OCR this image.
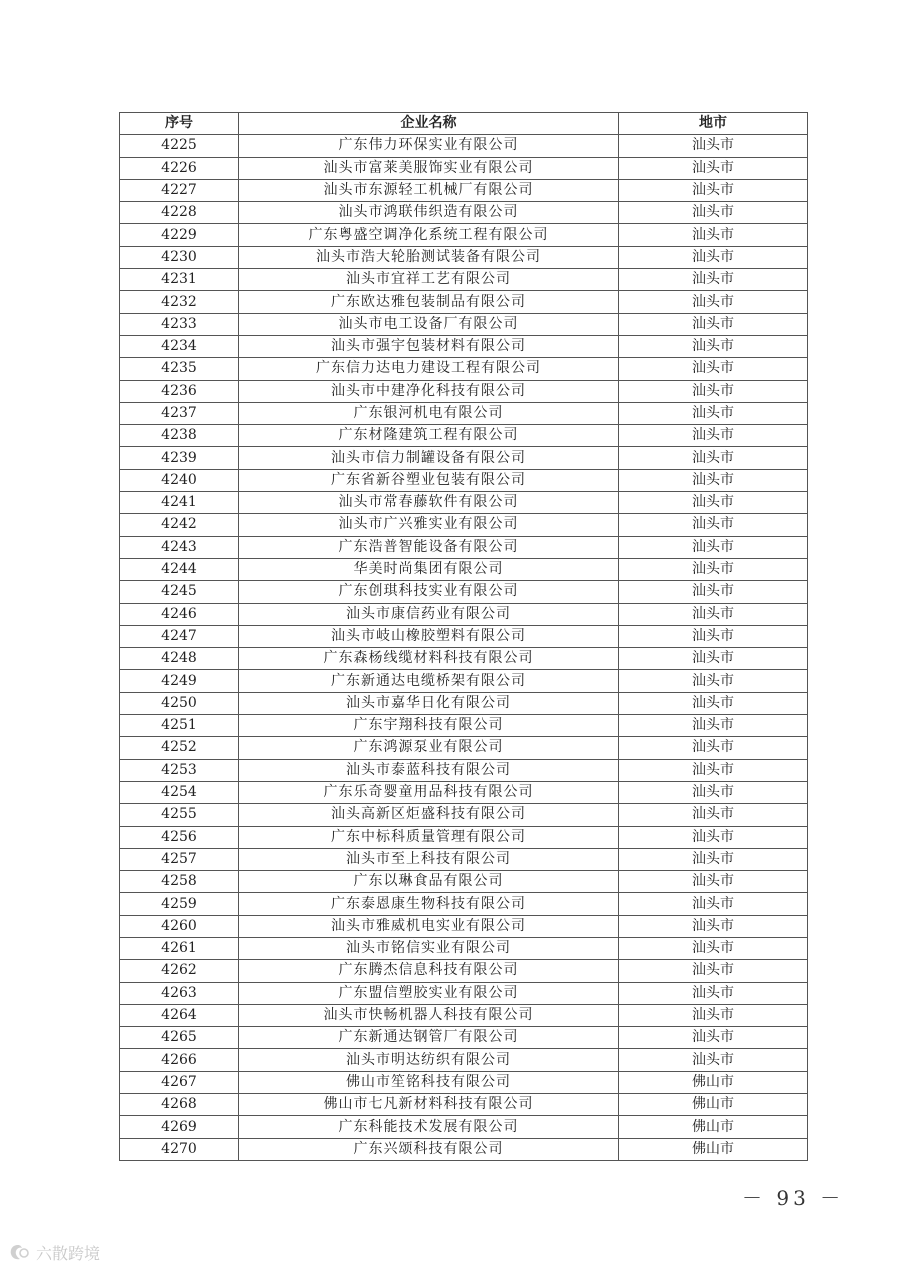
序号	企业名称	地市
4225	广东伟力环保实业有限公司	汕头市
4226	汕头市富莱美服饰实业有限公司	汕头市
4227	汕头市东源轻工机械厂有限公司	汕头市
4228	汕头市鸿联伟织造有限公司	汕头市
4229	广东粤盛空调净化系统工程有限公司	汕头市
4230	汕头市浩大轮胎测试装备有限公司	汕头市
4231	汕头市宜祥工艺有限公司	汕头市
4232	广东欧达雅包装制品有限公司	汕头市
4233	汕头市电工设备厂有限公司	汕头市
4234	汕头市强宇包装材料有限公司	汕头市
4235	广东信力达电力建设工程有限公司	汕头市
4236	汕头市中建净化科技有限公司	汕头市
4237	广东银河机电有限公司	汕头市
4238	广东材隆建筑工程有限公司	汕头市
4239	汕头市信力制罐设备有限公司	汕头市
4240	广东省新谷塑业包装有限公司	汕头市
4241	汕头市常春藤软件有限公司	汕头市
4242	汕头市广兴雅实业有限公司	汕头市
4243	广东浩普智能设备有限公司	汕头市
4244	华美时尚集团有限公司	汕头市
4245	广东创琪科技实业有限公司	汕头市
4246	汕头市康信药业有限公司	汕头市
4247	汕头市岐山橡胶塑料有限公司	汕头市
4248	广东森杨线缆材料科技有限公司	汕头市
4249	广东新通达电缆桥架有限公司	汕头市
4250	汕头市嘉华日化有限公司	汕头市
4251	广东宇翔科技有限公司	汕头市
4252	广东鸿源泵业有限公司	汕头市
4253	汕头市泰蓝科技有限公司	汕头市
4254	广东乐奇婴童用品科技有限公司	汕头市
4255	汕头高新区炬盛科技有限公司	汕头市
4256	广东中标科质量管理有限公司	汕头市
4257	汕头市至上科技有限公司	汕头市
4258	广东以琳食品有限公司	汕头市
4259	广东泰恩康生物科技有限公司	汕头市
4260	汕头市雅威机电实业有限公司	汕头市
4261	汕头市铭信实业有限公司	汕头市
4262	广东腾杰信息科技有限公司	汕头市
4263	广东盟信塑胶实业有限公司	汕头市
4264	汕头市快畅机器人科技有限公司	汕头市
4265	广东新通达钢管厂有限公司	汕头市
4266	汕头市明达纺织有限公司	汕头市
4267	佛山市笙铭科技有限公司	佛山市
4268	佛山市七凡新材料科技有限公司	佛山市
4269	广东科能技术发展有限公司	佛山市
4270	广东兴颂科技有限公司	佛山市
－ 93 －
六散跨境
